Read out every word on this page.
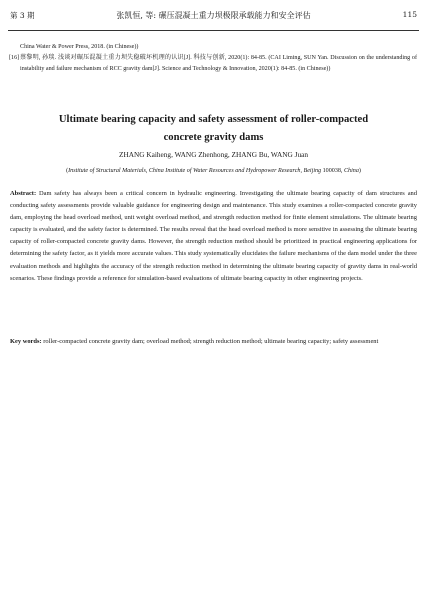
第 3 期	张凯恒, 等: 碾压混凝土重力坝极限承载能力和安全评估	115
China Water & Power Press, 2018. (in Chinese))
[16] 蔡黎明, 孙琰. 浅谈对碾压混凝土重力坝失稳破坏机理的认识[J]. 科技与创新, 2020(1): 84-85. (CAI Liming, SUN Yan. Discussion on the understanding of instability and failure mechanism of RCC gravity dam[J]. Science and Technology & Innovation, 2020(1): 84-85. (in Chinese))
Ultimate bearing capacity and safety assessment of roller-compacted
concrete gravity dams
ZHANG Kaiheng, WANG Zhenhong, ZHANG Bu, WANG Juan
(Institute of Structural Materials, China Institute of Water Resources and Hydropower Research, Beijing 100038, China)
Abstract: Dam safety has always been a critical concern in hydraulic engineering. Investigating the ultimate bearing capacity of dam structures and conducting safety assessments provide valuable guidance for engineering design and maintenance. This study examines a roller-compacted concrete gravity dam, employing the head overload method, unit weight overload method, and strength reduction method for finite element simulations. The ultimate bearing capacity is evaluated, and the safety factor is determined. The results reveal that the head overload method is more sensitive in assessing the ultimate bearing capacity of roller-compacted concrete gravity dams. However, the strength reduction method should be prioritized in practical engineering applications for determining the safety factor, as it yields more accurate values. This study systematically elucidates the failure mechanisms of the dam model under the three evaluation methods and highlights the accuracy of the strength reduction method in determining the ultimate bearing capacity of gravity dams in real-world scenarios. These findings provide a reference for simulation-based evaluations of ultimate bearing capacity in other engineering projects.
Key words: roller-compacted concrete gravity dam; overload method; strength reduction method; ultimate bearing capacity; safety assessment
